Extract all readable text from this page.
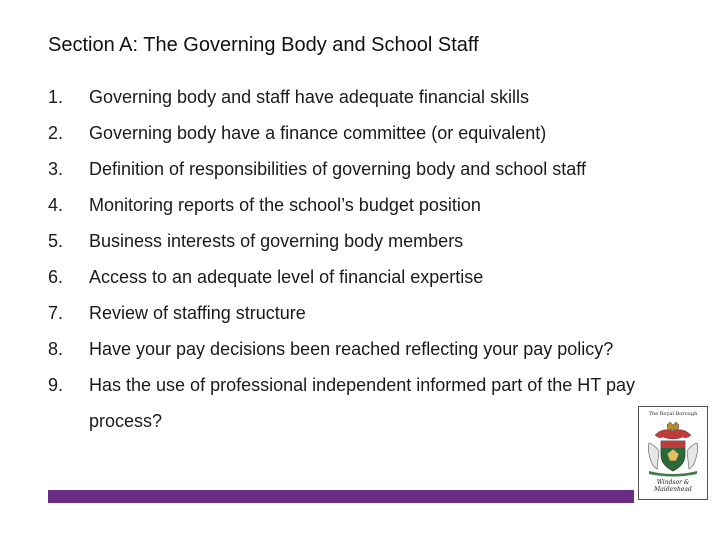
Section A: The Governing Body and School Staff
1.	Governing body and staff have adequate financial skills
2.	Governing body have a finance committee (or equivalent)
3.	Definition of responsibilities of governing body and school staff
4.	Monitoring reports of the school’s budget position
5.	Business interests of governing body members
6.	Access to an adequate level of financial expertise
7.	Review of staffing structure
8.	Have your pay decisions been reached reflecting your pay policy?
9.	Has the use of professional independent informed part of the HT pay process?	The Royal Borough
Windsor &
Maidenhead
